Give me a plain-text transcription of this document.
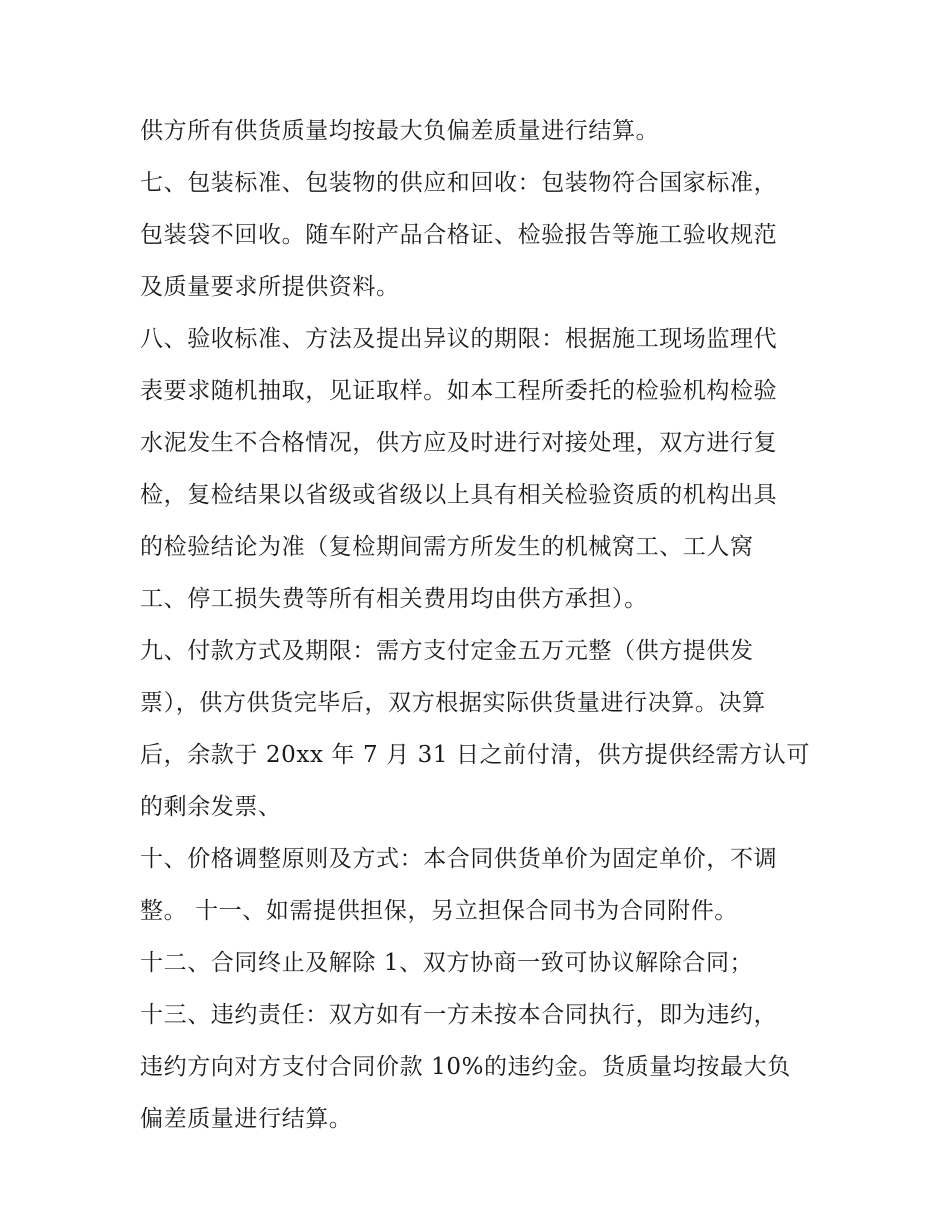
供方所有供货质量均按最大负偏差质量进行结算。
七、包装标准、包装物的供应和回收：包装物符合国家标准，
包装袋不回收。随车附产品合格证、检验报告等施工验收规范
及质量要求所提供资料。
八、验收标准、方法及提出异议的期限：根据施工现场监理代
表要求随机抽取，见证取样。如本工程所委托的检验机构检验
水泥发生不合格情况，供方应及时进行对接处理，双方进行复
检，复检结果以省级或省级以上具有相关检验资质的机构出具
的检验结论为准（复检期间需方所发生的机械窝工、工人窝
工、停工损失费等所有相关费用均由供方承担）。
九、付款方式及期限：需方支付定金五万元整（供方提供发
票），供方供货完毕后，双方根据实际供货量进行决算。决算
后，余款于 20xx 年 7 月 31 日之前付清，供方提供经需方认可
的剩余发票、
十、价格调整原则及方式：本合同供货单价为固定单价，不调
整。 十一、如需提供担保，另立担保合同书为合同附件。
十二、合同终止及解除 1、双方协商一致可协议解除合同；
十三、违约责任：双方如有一方未按本合同执行，即为违约，
违约方向对方支付合同价款 10%的违约金。货质量均按最大负
偏差质量进行结算。
